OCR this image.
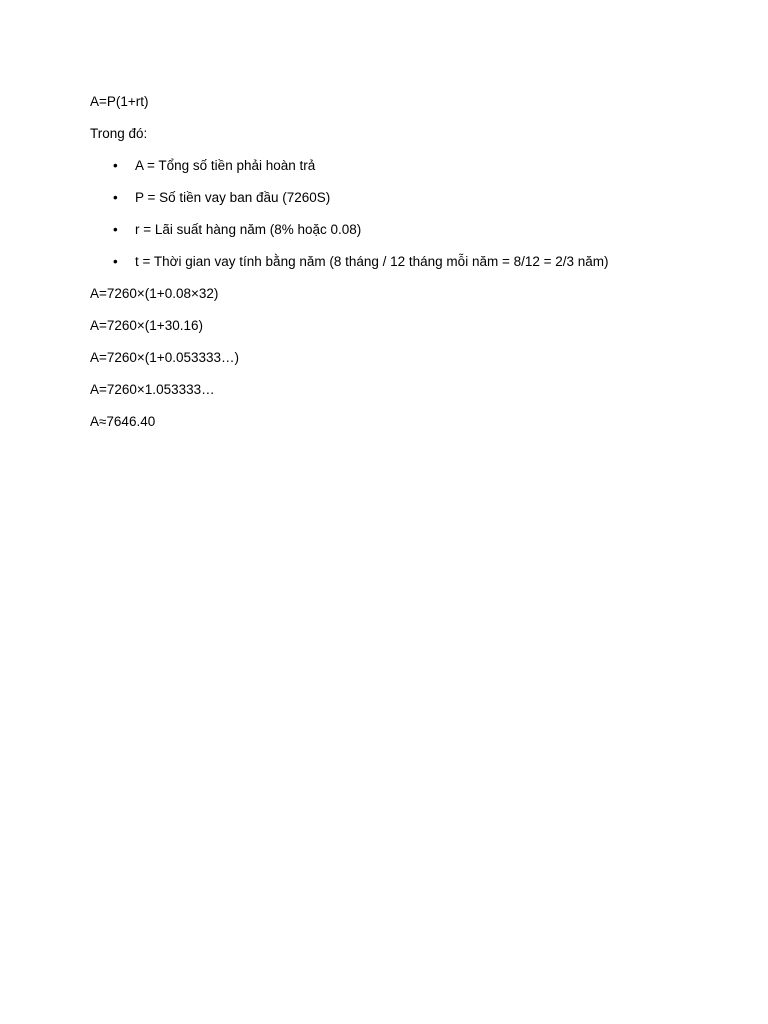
A=P(1+rt)

Trong đó:

• A = Tổng số tiền phải hoàn trả
• P = Số tiền vay ban đầu (7260S)
• r = Lãi suất hàng năm (8% hoặc 0.08)
• t = Thời gian vay tính bằng năm (8 tháng / 12 tháng mỗi năm = 8/12 = 2/3 năm)

A=7260×(1+0.08×32)

A=7260×(1+30.16)

A=7260×(1+0.053333…)

A=7260×1.053333…

A≈7646.40
